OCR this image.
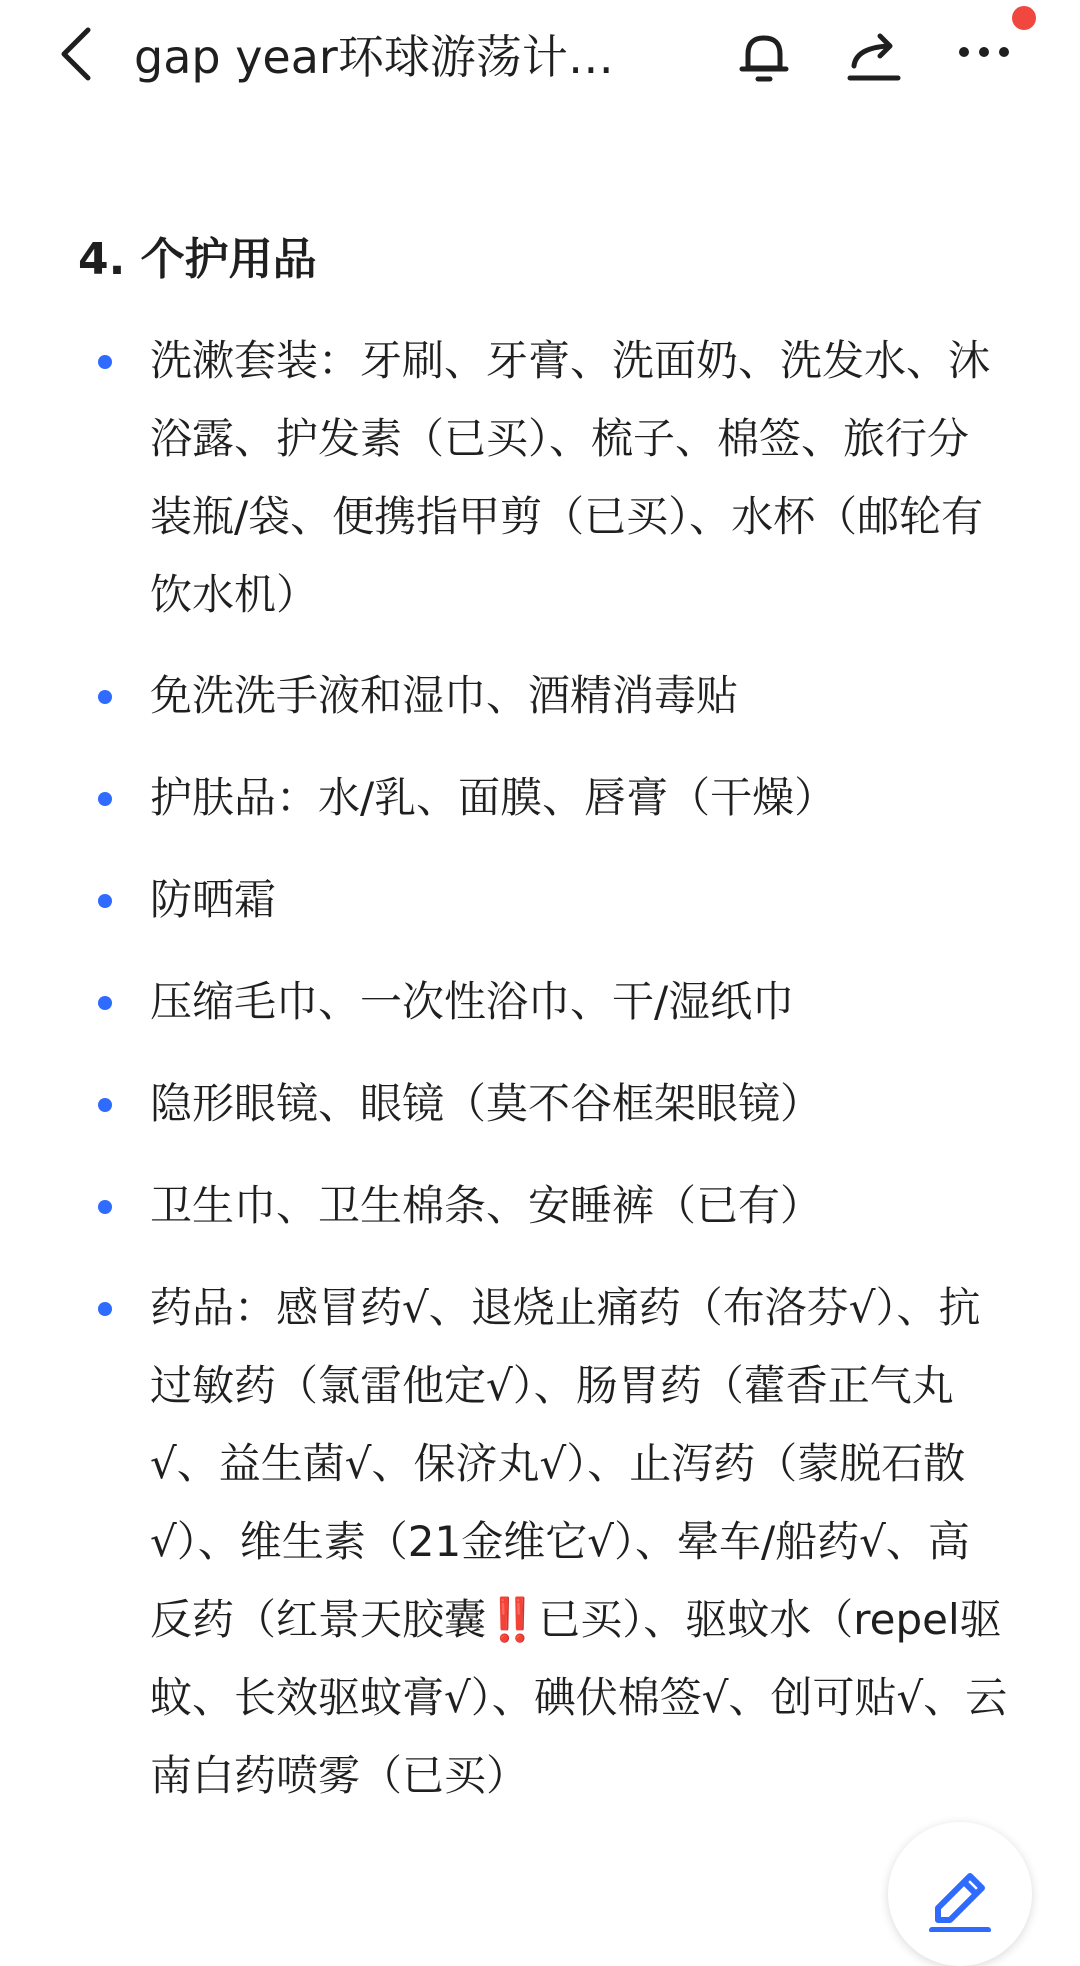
gap year环球游荡计…
4. 个护用品
洗漱套装：牙刷、牙膏、洗面奶、洗发水、沐浴露、护发素（已买）、梳子、棉签、旅行分装瓶/袋、便携指甲剪（已买）、水杯（邮轮有饮水机）
免洗洗手液和湿巾、酒精消毒贴
护肤品：水/乳、面膜、唇膏（干燥）
防晒霜
压缩毛巾、一次性浴巾、干/湿纸巾
隐形眼镜、眼镜（莫不谷框架眼镜）
卫生巾、卫生棉条、安睡裤（已有）
药品：感冒药√、退烧止痛药（布洛芬√）、抗过敏药（氯雷他定√）、肠胃药（藿香正气丸√、益生菌√、保济丸√）、止泻药（蒙脱石散√）、维生素（21金维它√）、晕车/船药√、高反药（红景天胶囊‼️已买）、驱蚊水（repel驱蚊、长效驱蚊膏√）、碘伏棉签√、创可贴√、云南白药喷雾（已买）
